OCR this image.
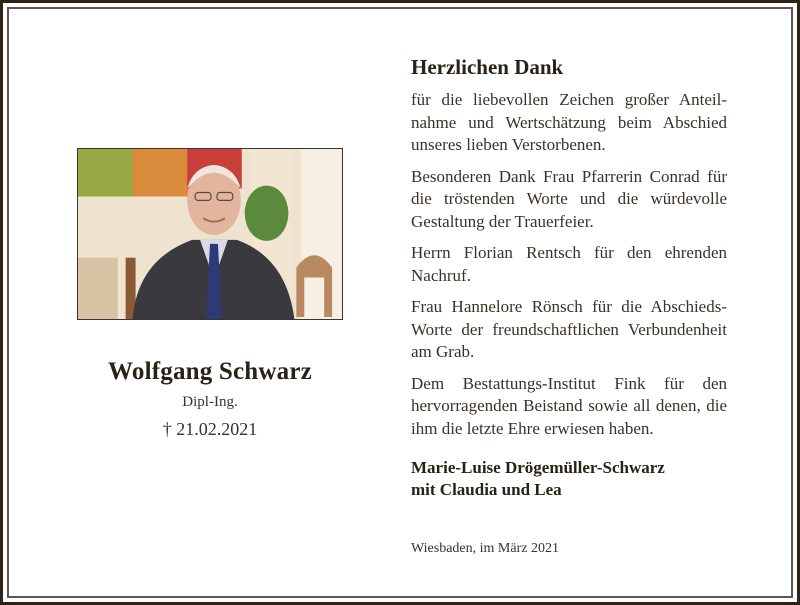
Wolfgang Schwarz
Dipl-Ing.
† 21.02.2021
Herzlichen Dank

für die liebevollen Zeichen großer Anteilnahme und Wertschätzung beim Abschied unseres lieben Verstorbenen.

Besonderen Dank Frau Pfarrerin Conrad für die tröstenden Worte und die würdevolle Gestaltung der Trauerfeier.

Herrn Florian Rentsch für den ehrenden Nachruf.

Frau Hannelore Rönsch für die Abschieds-Worte der freundschaftlichen Verbundenheit am Grab.

Dem Bestattungs-Institut Fink für den hervorragenden Beistand sowie all denen, die ihm die letzte Ehre erwiesen haben.

Marie-Luise Drögemüller-Schwarz
mit Claudia und Lea
Wiesbaden, im März 2021
